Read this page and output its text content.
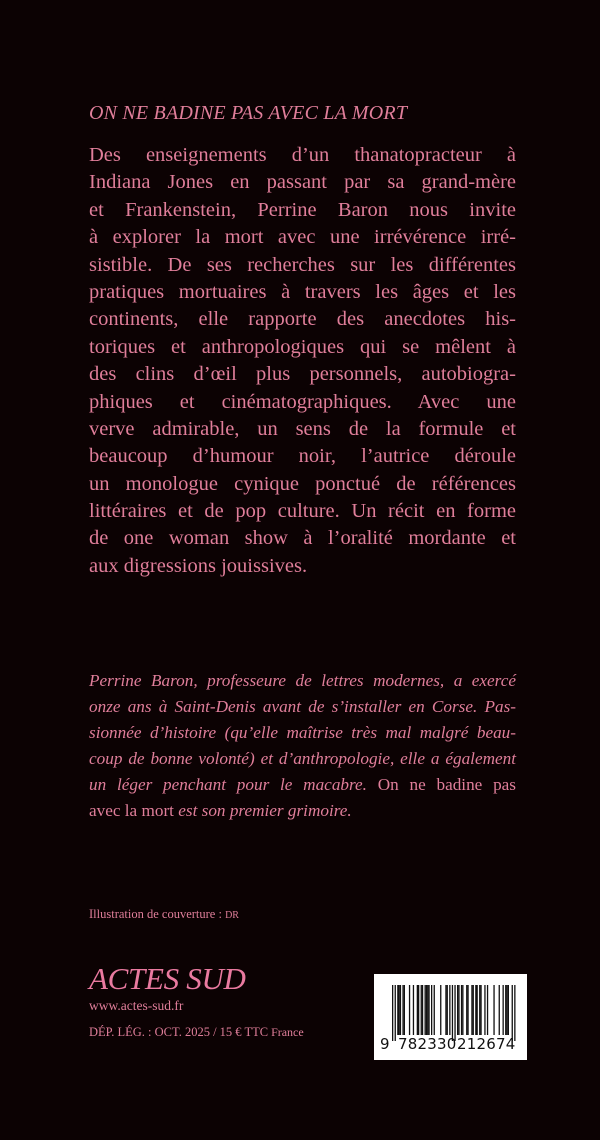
ON NE BADINE PAS AVEC LA MORT
Des enseignements d’un thanatopracteur à
Indiana Jones en passant par sa grand-mère
et Frankenstein, Perrine Baron nous invite
à explorer la mort avec une irrévérence irré-
sistible. De ses recherches sur les différentes
pratiques mortuaires à travers les âges et les
continents, elle rapporte des anecdotes his-
toriques et anthropologiques qui se mêlent à
des clins d’œil plus personnels, autobiogra-
phiques et cinématographiques. Avec une
verve admirable, un sens de la formule et
beaucoup d’humour noir, l’autrice déroule
un monologue cynique ponctué de références
littéraires et de pop culture. Un récit en forme
de one woman show à l’oralité mordante et
aux digressions jouissives.
Perrine Baron, professeure de lettres modernes, a exercé
onze ans à Saint-Denis avant de s’installer en Corse. Pas-
sionnée d’histoire (qu’elle maîtrise très mal malgré beau-
coup de bonne volonté) et d’anthropologie, elle a également
un léger penchant pour le macabre. On ne badine pas
avec la mort est son premier grimoire.
Illustration de couverture : DR
ACTES SUD
www.actes-sud.fr
DÉP. LÉG. : OCT. 2025 / 15 € TTC France
9 782330 212674
